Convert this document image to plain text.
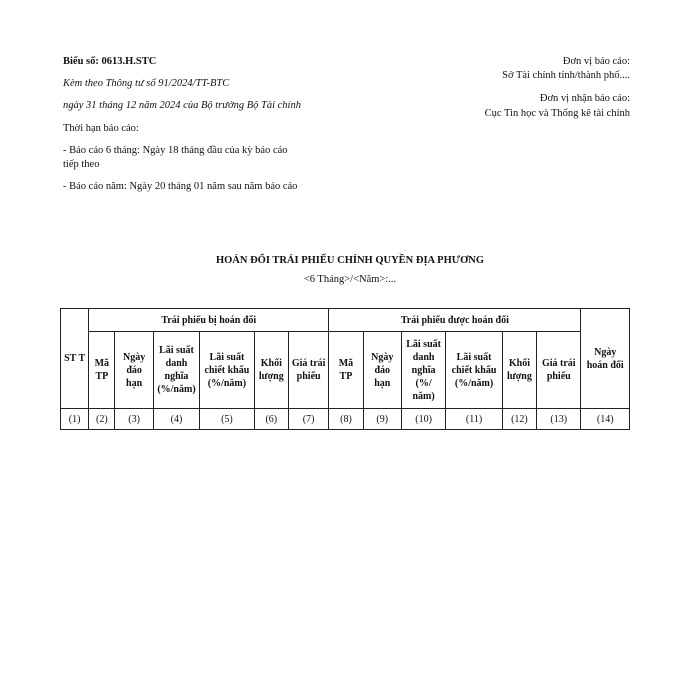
Biểu số: 0613.H.STC

Kèm theo Thông tư số 91/2024/TT-BTC

ngày 31 tháng 12 năm 2024 của Bộ trưởng Bộ Tài chính

Thời hạn báo cáo:

- Báo cáo 6 tháng: Ngày 18 tháng đầu của kỳ báo cáo tiếp theo

- Báo cáo năm: Ngày 20 tháng 01 năm sau năm báo cáo

Đơn vị báo cáo:

Sở Tài chính tỉnh/thành phố....

Đơn vị nhận báo cáo:

Cục Tin học và Thống kê tài chính

HOÁN ĐỔI TRÁI PHIẾU CHÍNH QUYỀN ĐỊA PHƯƠNG
<6 Tháng>/<Năm>:...
ST T	Trái phiếu bị hoán đổi						Trái phiếu được hoán đổi						Ngày hoán đổi
	Mã TP	Ngày đáo hạn	Lãi suất danh nghĩa (%/năm)	Lãi suất chiết khấu (%/năm)	Khối lượng	Giá trái phiếu	Mã TP	Ngày đáo hạn	Lãi suất danh nghĩa (%/ năm)	Lãi suất chiết khấu (%/năm)	Khối lượng	Giá trái phiếu	
(1)	(2)	(3)	(4)	(5)	(6)	(7)	(8)	(9)	(10)	(11)	(12)	(13)	(14)
